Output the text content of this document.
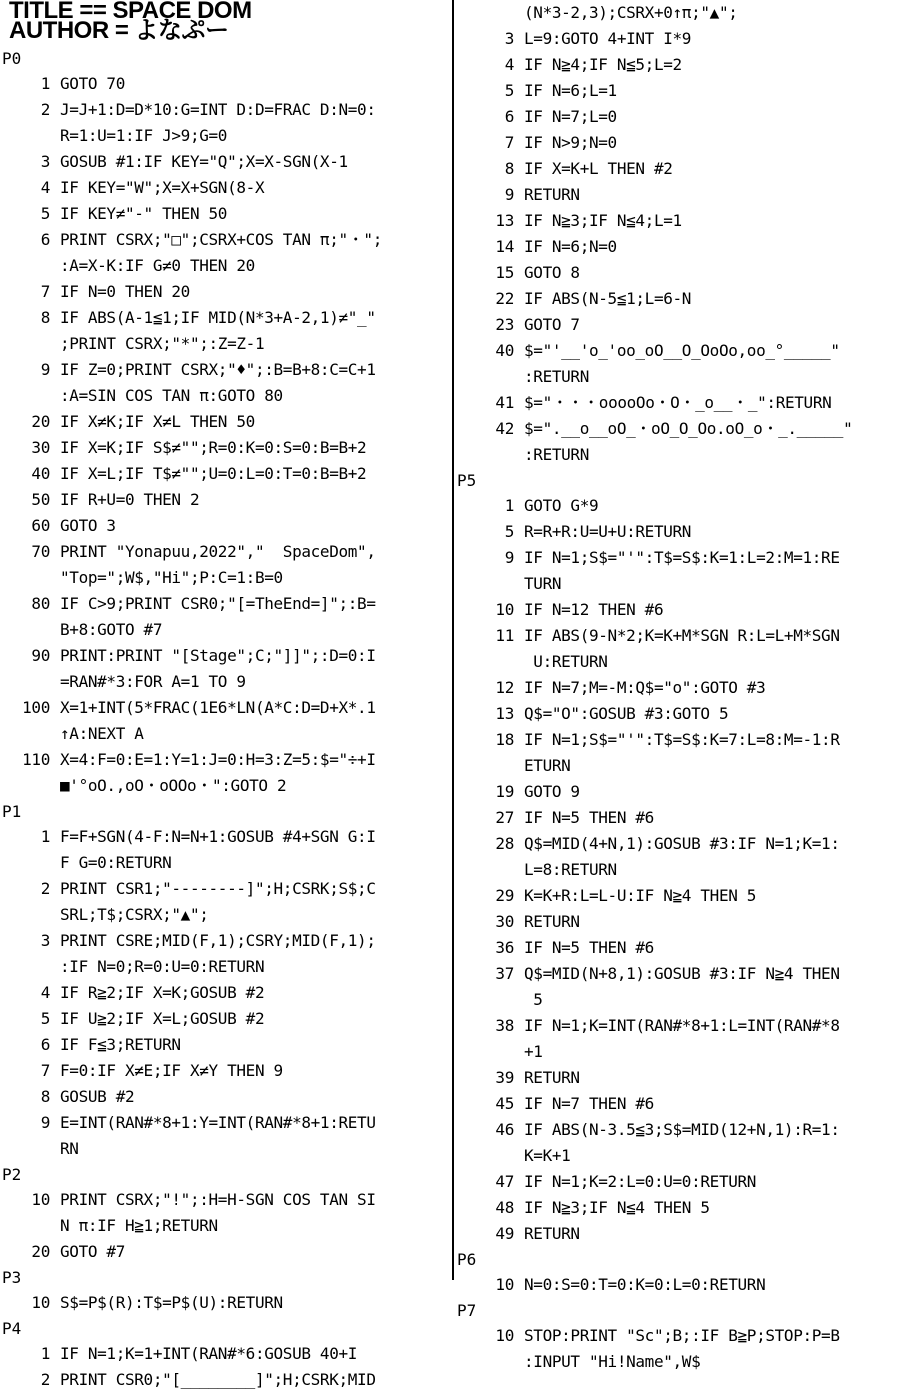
TITLE == SPACE DOM
AUTHOR = よなぷー
P0
1 GOTO 70
2 J=J+1:D=D*10:G=INT D:D=FRAC D:N=0:
R=1:U=1:IF J>9;G=0
3 GOSUB #1:IF KEY="Q";X=X-SGN(X-1
4 IF KEY="W";X=X+SGN(8-X
5 IF KEY≠"-" THEN 50
6 PRINT CSRX;"□";CSRX+COS TAN π;"・";
:A=X-K:IF G≠0 THEN 20
7 IF N=0 THEN 20
8 IF ABS(A-1≦1;IF MID(N*3+A-2,1)≠"_"
;PRINT CSRX;"*";:Z=Z-1
9 IF Z=0;PRINT CSRX;"♦";:B=B+8:C=C+1
:A=SIN COS TAN π:GOTO 80
20 IF X≠K;IF X≠L THEN 50
30 IF X=K;IF S$≠"";R=0:K=0:S=0:B=B+2
40 IF X=L;IF T$≠"";U=0:L=0:T=0:B=B+2
50 IF R+U=0 THEN 2
60 GOTO 3
70 PRINT "Yonapuu,2022","  SpaceDom",
"Top=";W$,"Hi";P:C=1:B=0
80 IF C>9;PRINT CSR0;"[=TheEnd=]";:B=
B+8:GOTO #7
90 PRINT:PRINT "[Stage";C;"]]";:D=0:I
=RAN#*3:FOR A=1 TO 9
100 X=1+INT(5*FRAC(1E6*LN(A*C:D=D+X*.1
↑A:NEXT A
110 X=4:F=0:E=1:Y=1:J=0:H=3:Z=5:$="÷+I
■'°oO.,oO・oOOo・":GOTO 2
P1
1 F=F+SGN(4-F:N=N+1:GOSUB #4+SGN G:I
F G=0:RETURN
2 PRINT CSR1;"--------]";H;CSRK;S$;C
SRL;T$;CSRX;"▲";
3 PRINT CSRE;MID(F,1);CSRY;MID(F,1);
:IF N=0;R=0:U=0:RETURN
4 IF R≧2;IF X=K;GOSUB #2
5 IF U≧2;IF X=L;GOSUB #2
6 IF F≦3;RETURN
7 F=0:IF X≠E;IF X≠Y THEN 9
8 GOSUB #2
9 E=INT(RAN#*8+1:Y=INT(RAN#*8+1:RETU
RN
P2
10 PRINT CSRX;"!";:H=H-SGN COS TAN SI
N π:IF H≧1;RETURN
20 GOTO #7
P3
10 S$=P$(R):T$=P$(U):RETURN
P4
1 IF N=1;K=1+INT(RAN#*6:GOSUB 40+I
2 PRINT CSR0;"[________]";H;CSRK;MID
(N*3-2,3);CSRX+0↑π;"▲";
3 L=9:GOTO 4+INT I*9
4 IF N≧4;IF N≦5;L=2
5 IF N=6;L=1
6 IF N=7;L=0
7 IF N>9;N=0
8 IF X=K+L THEN #2
9 RETURN
13 IF N≧3;IF N≦4;L=1
14 IF N=6;N=0
15 GOTO 8
22 IF ABS(N-5≦1;L=6-N
23 GOTO 7
40 $="'__'o_'oo_oO__O_OoOo,oo_°_____"
:RETURN
41 $="・・・ooooOo・O・_o__・_":RETURN
42 $=".__o__oO_・oO_O_Oo.oO_o・_._____"
:RETURN
P5
1 GOTO G*9
5 R=R+R:U=U+U:RETURN
9 IF N=1;S$="'":T$=S$:K=1:L=2:M=1:RE
TURN
10 IF N=12 THEN #6
11 IF ABS(9-N*2;K=K+M*SGN R:L=L+M*SGN
U:RETURN
12 IF N=7;M=-M:Q$="o":GOTO #3
13 Q$="O":GOSUB #3:GOTO 5
18 IF N=1;S$="'":T$=S$:K=7:L=8:M=-1:R
ETURN
19 GOTO 9
27 IF N=5 THEN #6
28 Q$=MID(4+N,1):GOSUB #3:IF N=1;K=1:
L=8:RETURN
29 K=K+R:L=L-U:IF N≧4 THEN 5
30 RETURN
36 IF N=5 THEN #6
37 Q$=MID(N+8,1):GOSUB #3:IF N≧4 THEN
5
38 IF N=1;K=INT(RAN#*8+1:L=INT(RAN#*8
+1
39 RETURN
45 IF N=7 THEN #6
46 IF ABS(N-3.5≦3;S$=MID(12+N,1):R=1:
K=K+1
47 IF N=1;K=2:L=0:U=0:RETURN
48 IF N≧3;IF N≦4 THEN 5
49 RETURN
P6
10 N=0:S=0:T=0:K=0:L=0:RETURN
P7
10 STOP:PRINT "Sc";B;:IF B≧P;STOP:P=B
:INPUT "Hi!Name",W$
